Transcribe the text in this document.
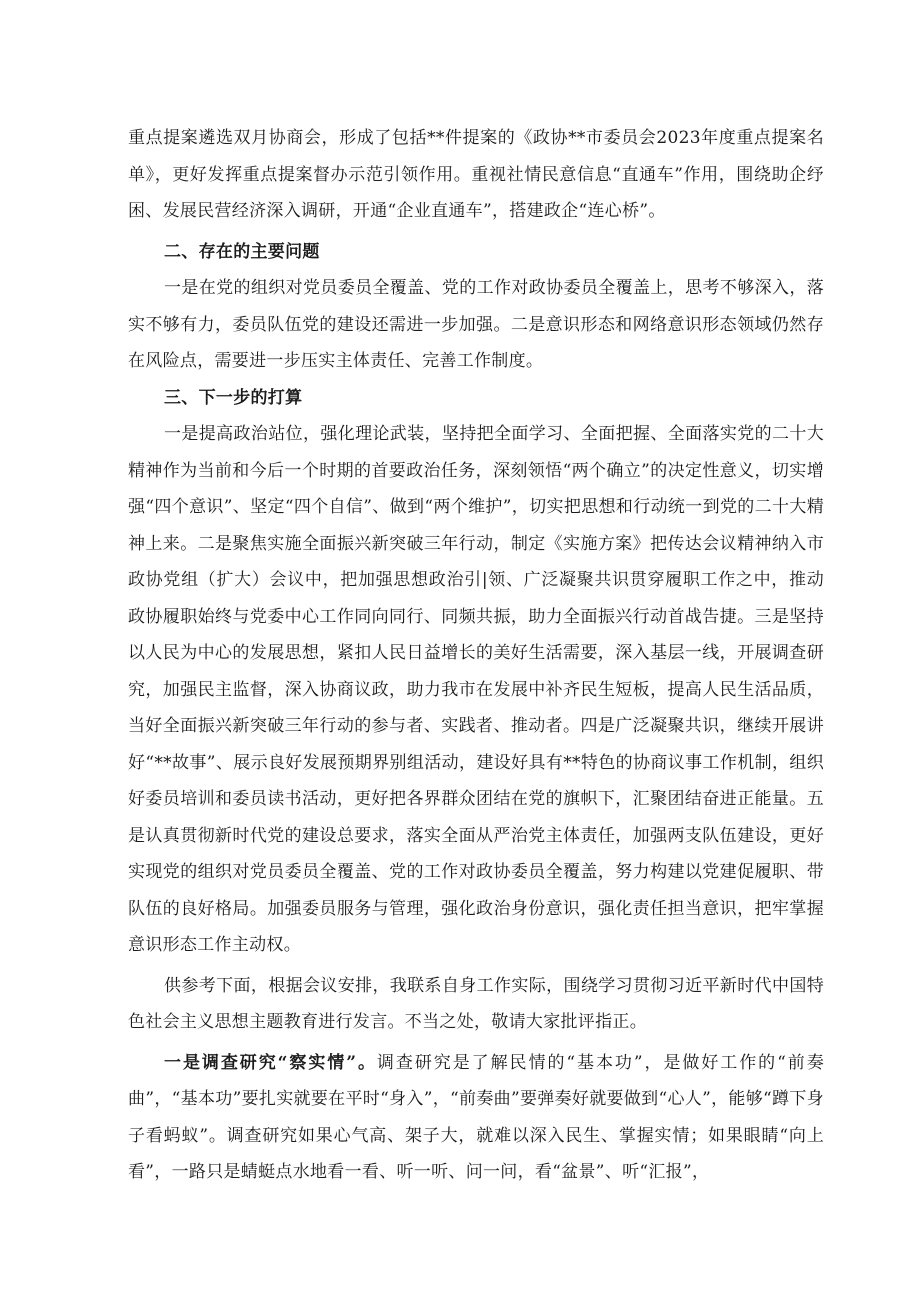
重点提案遴选双月协商会，形成了包括**件提案的《政协**市委员会2023年度重点提案名单》，更好发挥重点提案督办示范引领作用。重视社情民意信息“直通车”作用，围绕助企纾困、发展民营经济深入调研，开通“企业直通车”，搭建政企“连心桥”。

二、存在的主要问题

一是在党的组织对党员委员全覆盖、党的工作对政协委员全覆盖上，思考不够深入，落实不够有力，委员队伍党的建设还需进一步加强。二是意识形态和网络意识形态领域仍然存在风险点，需要进一步压实主体责任、完善工作制度。

三、下一步的打算

一是提高政治站位，强化理论武装，坚持把全面学习、全面把握、全面落实党的二十大精神作为当前和今后一个时期的首要政治任务，深刻领悟“两个确立”的决定性意义，切实增强“四个意识”、坚定“四个自信”、做到“两个维护”，切实把思想和行动统一到党的二十大精神上来。二是聚焦实施全面振兴新突破三年行动，制定《实施方案》把传达会议精神纳入市政协党组（扩大）会议中，把加强思想政治引|领、广泛凝聚共识贯穿履职工作之中，推动政协履职始终与党委中心工作同向同行、同频共振，助力全面振兴行动首战告捷。三是坚持以人民为中心的发展思想，紧扣人民日益增长的美好生活需要，深入基层一线，开展调查研究，加强民主监督，深入协商议政，助力我市在发展中补齐民生短板，提高人民生活品质，当好全面振兴新突破三年行动的参与者、实践者、推动者。四是广泛凝聚共识，继续开展讲好“**故事”、展示良好发展预期界别组活动，建设好具有**特色的协商议事工作机制，组织好委员培训和委员读书活动，更好把各界群众团结在党的旗帜下，汇聚团结奋进正能量。五是认真贯彻新时代党的建设总要求，落实全面从严治党主体责任，加强两支队伍建设，更好实现党的组织对党员委员全覆盖、党的工作对政协委员全覆盖，努力构建以党建促履职、带队伍的良好格局。加强委员服务与管理，强化政治身份意识，强化责任担当意识，把牢掌握意识形态工作主动权。

供参考下面，根据会议安排，我联系自身工作实际，围绕学习贯彻习近平新时代中国特色社会主义思想主题教育进行发言。不当之处，敬请大家批评指正。

一是调查研究“察实情”。调查研究是了解民情的“基本功”，是做好工作的“前奏曲”，“基本功”要扎实就要在平时“身入”，“前奏曲”要弹奏好就要做到“心人”，能够“蹲下身子看蚂蚁”。调查研究如果心气高、架子大，就难以深入民生、掌握实情；如果眼睛“向上看”，一路只是蜻蜓点水地看一看、听一听、问一问，看“盆景”、听“汇报”，
